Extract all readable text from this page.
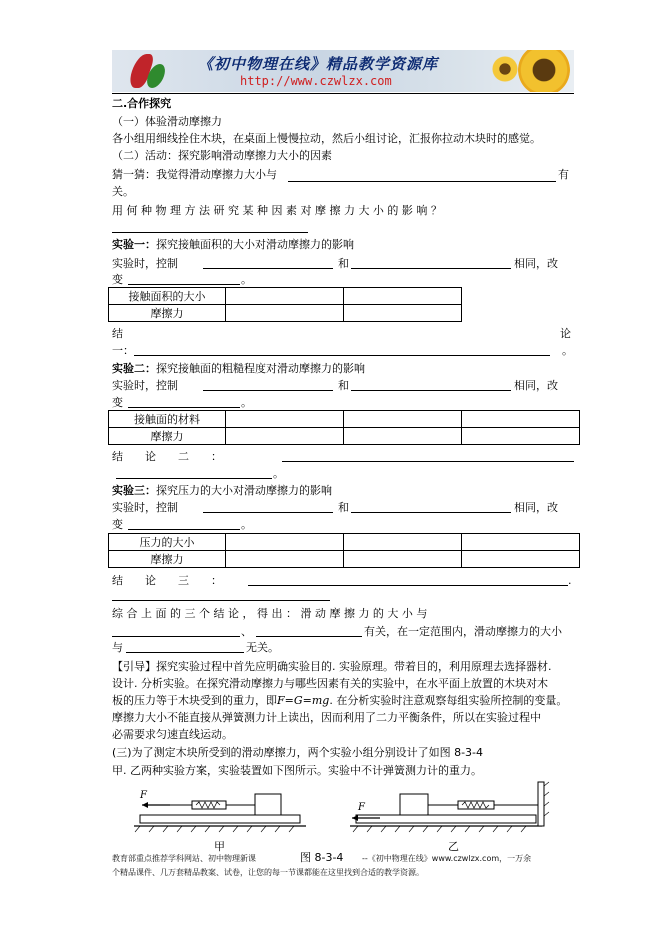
《初中物理在线》精品教学资源库
http://www.czwlzx.com
二.合作探究
（一）体验滑动摩擦力
各小组用细线拴住木块，在桌面上慢慢拉动，然后小组讨论，汇报你拉动木块时的感觉。
（二）活动：探究影响滑动摩擦力大小的因素
猜一猜：我觉得滑动摩擦力大小与	有
关。
用 何 种 物 理 方 法 研 究 某 种 因 素 对 摩 擦 力 大 小 的 影 响 ？
实验一：探究接触面积的大小对滑动摩擦力的影响
实验时，控制	和	相同，改
变	。
接触面积的大小		
摩擦力		
结	论
一：	。
实验二：探究接触面的粗糙程度对滑动摩擦力的影响
实验时，控制	和	相同，改
变	。
接触面的材料			
摩擦力			
结　　论　　二　　：
。
实验三：探究压力的大小对滑动摩擦力的影响
实验时，控制	和	相同，改
变	。
压力的大小			
摩擦力			
结　　论　　三　　：	.
综 合 上 面 的 三 个 结 论 ， 得 出 ： 滑 动 摩 擦 力 的 大 小 与
、	有关，在一定范围内，滑动摩擦力的大小
与	无关。
【引导】探究实验过程中首先应明确实验目的. 实验原理。带着目的，利用原理去选择器材.
设计. 分析实验。在探究滑动摩擦力与哪些因素有关的实验中，在水平面上放置的木块对木
板的压力等于木块受到的重力，即F=G=mg. 在分析实验时注意观察每组实验所控制的变量。
摩擦力大小不能直接从弹簧测力计上读出，因而利用了二力平衡条件，所以在实验过程中
必需要求匀速直线运动。
(三)为了测定木块所受到的滑动摩擦力，两个实验小组分别设计了如图 8-3-4
甲. 乙两种实验方案，实验装置如下图所示。实验中不计弹簧测力计的重力。
F
甲
F
乙
图 8-3-4
教育部重点推荐学科网站、初中物理新课	--《初中物理在线》www.czwlzx.com，一万余
个精品课件、几万套精品教案、试卷，让您的每一节课都能在这里找到合适的教学资源。
